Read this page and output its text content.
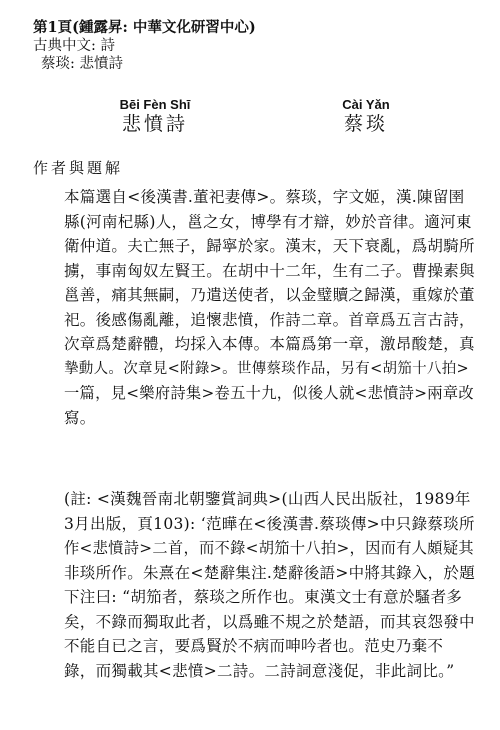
第1頁(鍾露昇: 中華文化研習中心)
古典中文: 詩
蔡琰: 悲憤詩
Bēi Fèn Shī
悲憤詩
Cài Yǎn
蔡琰
作者與題解
本篇選自<後漢書.董祀妻傳>。蔡琰，字文姬，漢.陳留圉
縣(河南杞縣)人，邕之女，博學有才辯，妙於音律。適河東
衛仲道。夫亡無子，歸寧於家。漢末，天下衰亂，爲胡騎所
擄，事南匈奴左賢王。在胡中十二年，生有二子。曹操素與
邕善，痛其無嗣，乃遣送使者，以金璧贖之歸漢，重嫁於董
祀。後感傷亂離，追懷悲憤，作詩二章。首章爲五言古詩，
次章爲楚辭體，均採入本傳。本篇爲第一章，激昂酸楚，真
摯動人。次章見<附錄>。世傳蔡琰作品，另有<胡笳十八拍>
一篇，見<樂府詩集>卷五十九，似後人就<悲憤詩>兩章改
寫。
(註: <漢魏晉南北朝鑒賞詞典>(山西人民出版社，1989年
3月出版，頁103): ‘范曄在<後漢書.蔡琰傳>中只錄蔡琰所
作<悲憤詩>二首，而不錄<胡笳十八拍>，因而有人頗疑其
非琰所作。朱熹在<楚辭集注.楚辭後語>中將其錄入，於題
下注曰: “胡笳者，蔡琰之所作也。東漢文士有意於騷者多
矣，不錄而獨取此者，以爲雖不規之於楚語，而其哀怨發中
不能自已之言，要爲賢於不病而呻吟者也。范史乃棄不
錄，而獨載其<悲憤>二詩。二詩詞意淺促，非此詞比。”
